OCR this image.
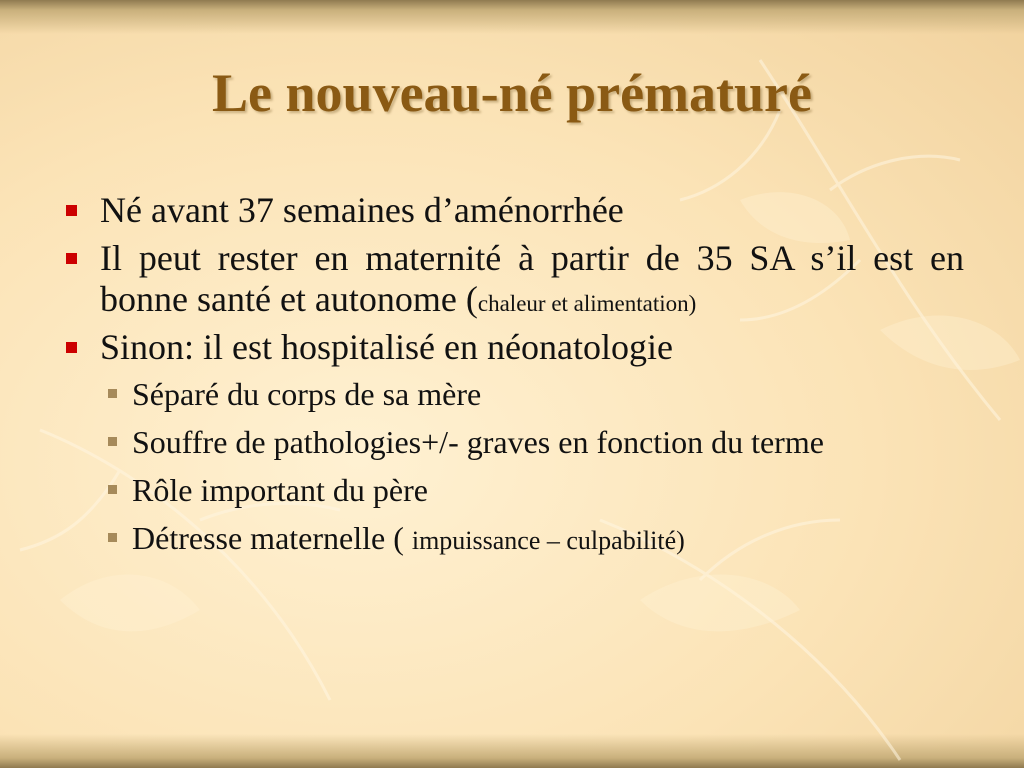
Le nouveau-né prématuré
Né avant 37 semaines d’aménorrhée
Il peut rester en maternité à partir de 35 SA s’il est en bonne santé et autonome (chaleur et alimentation)
Sinon: il est hospitalisé en néonatologie
Séparé du corps de sa mère
Souffre de pathologies+/- graves en fonction du terme
Rôle important du père
Détresse maternelle ( impuissance – culpabilité)
